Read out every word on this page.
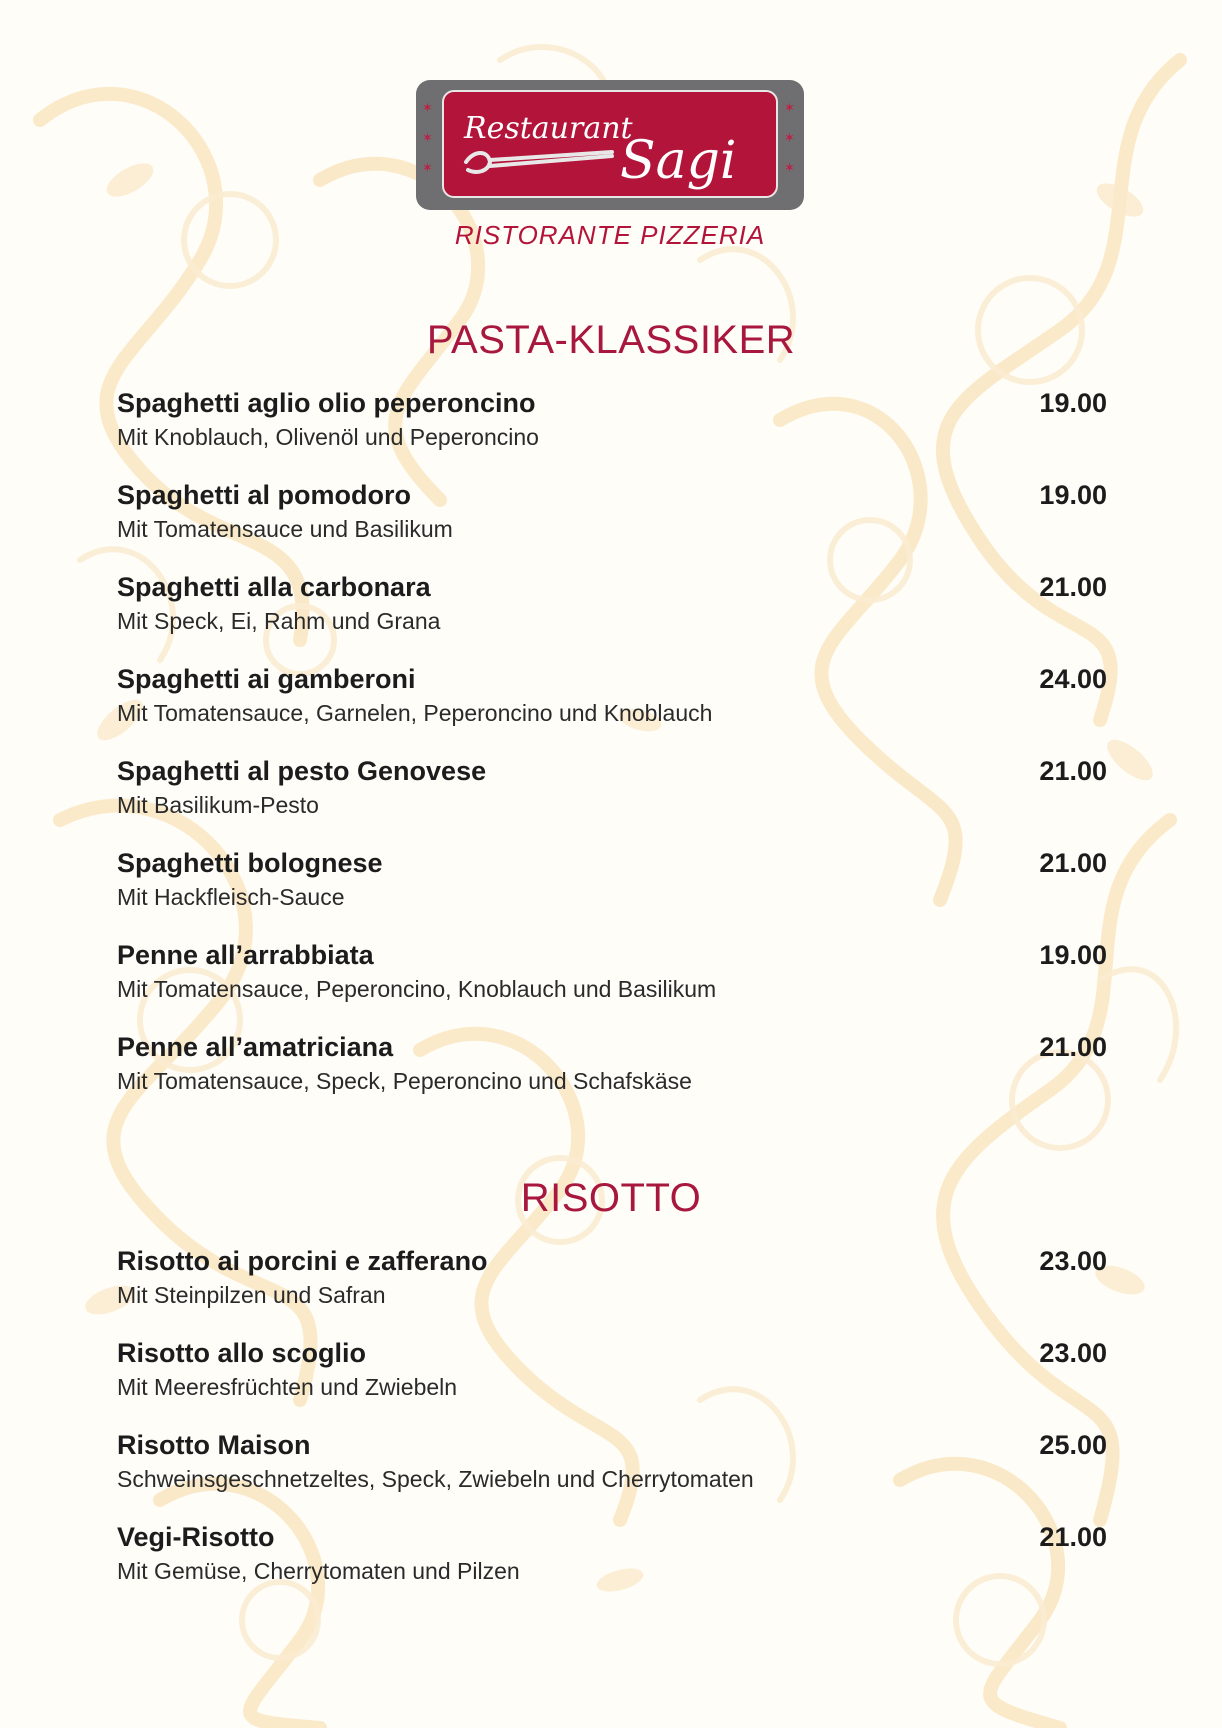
Restaurant
Sagi
✶
✶
✶
✶
✶
✶
RISTORANTE PIZZERIA
PASTA-KLASSIKER
Spaghetti aglio olio peperoncino
Mit Knoblauch, Olivenöl und Peperoncino
19.00
Spaghetti al pomodoro
Mit Tomatensauce und Basilikum
19.00
Spaghetti alla carbonara
Mit Speck, Ei, Rahm und Grana
21.00
Spaghetti ai gamberoni
Mit Tomatensauce, Garnelen, Peperoncino und Knoblauch
24.00
Spaghetti al pesto Genovese
Mit Basilikum-Pesto
21.00
Spaghetti bolognese
Mit Hackfleisch-Sauce
21.00
Penne all’arrabbiata
Mit Tomatensauce, Peperoncino, Knoblauch und Basilikum
19.00
Penne all’amatriciana
Mit Tomatensauce, Speck, Peperoncino und Schafskäse
21.00
RISOTTO
Risotto ai porcini e zafferano
Mit Steinpilzen und Safran
23.00
Risotto allo scoglio
Mit Meeresfrüchten und Zwiebeln
23.00
Risotto Maison
Schweinsgeschnetzeltes, Speck, Zwiebeln und Cherrytomaten
25.00
Vegi-Risotto
Mit Gemüse, Cherrytomaten und Pilzen
21.00
